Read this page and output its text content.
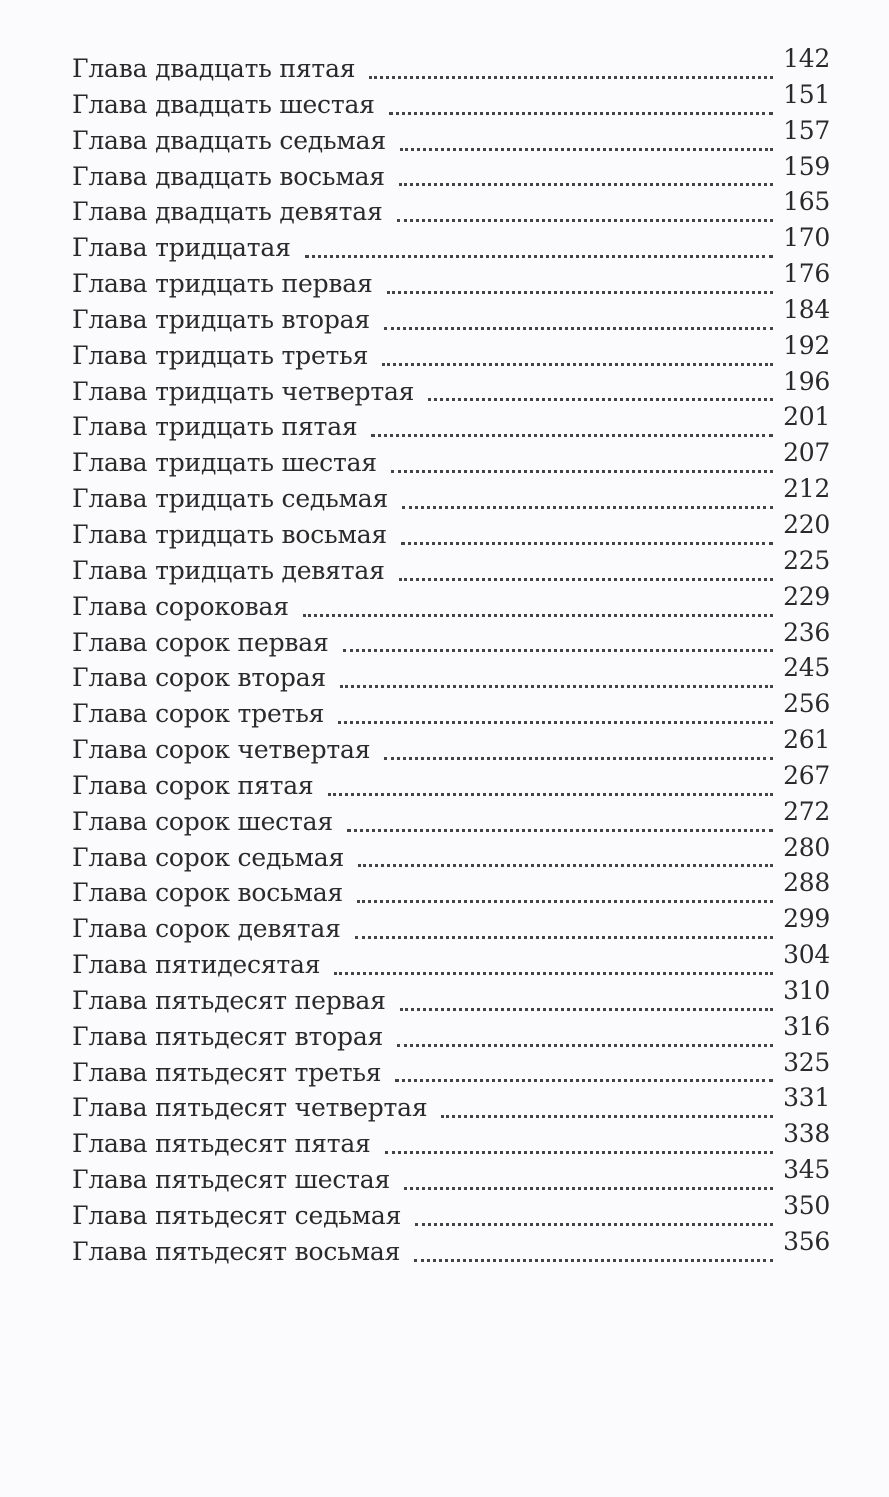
Глава двадцать пятая	142
Глава двадцать шестая	151
Глава двадцать седьмая	157
Глава двадцать восьмая	159
Глава двадцать девятая	165
Глава тридцатая	170
Глава тридцать первая	176
Глава тридцать вторая	184
Глава тридцать третья	192
Глава тридцать четвертая	196
Глава тридцать пятая	201
Глава тридцать шестая	207
Глава тридцать седьмая	212
Глава тридцать восьмая	220
Глава тридцать девятая	225
Глава сороковая	229
Глава сорок первая	236
Глава сорок вторая	245
Глава сорок третья	256
Глава сорок четвертая	261
Глава сорок пятая	267
Глава сорок шестая	272
Глава сорок седьмая	280
Глава сорок восьмая	288
Глава сорок девятая	299
Глава пятидесятая	304
Глава пятьдесят первая	310
Глава пятьдесят вторая	316
Глава пятьдесят третья	325
Глава пятьдесят четвертая	331
Глава пятьдесят пятая	338
Глава пятьдесят шестая	345
Глава пятьдесят седьмая	350
Глава пятьдесят восьмая	356
